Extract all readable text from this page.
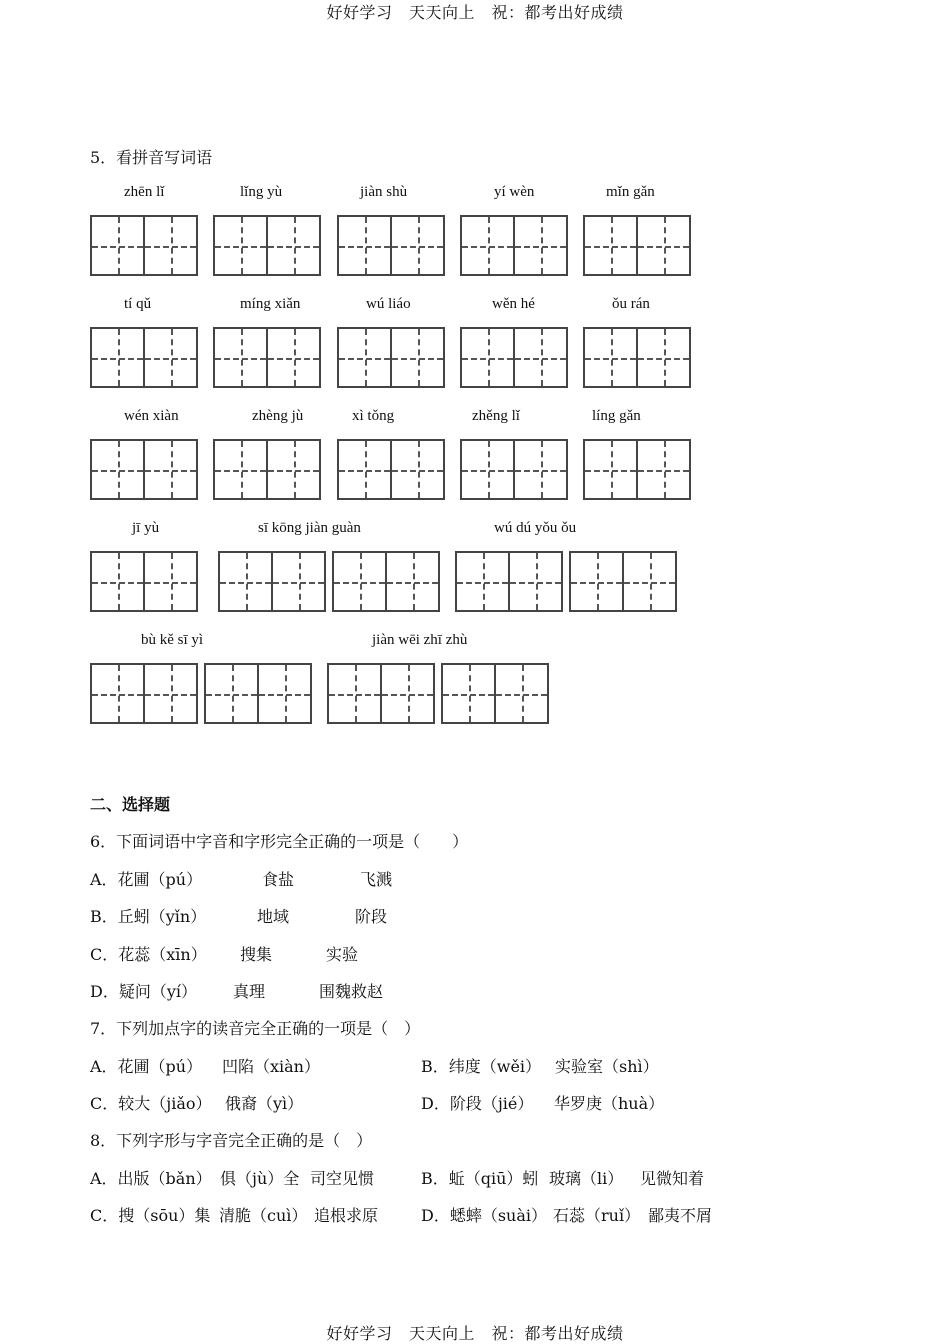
好好学习　天天向上　祝：都考出好成绩
5．看拼音写词语
zhēn lǐ	lǐng yù	jiàn shù	yí wèn	mǐn gǎn
tí qǔ	míng xiǎn	wú liáo	wěn hé	ǒu rán
wén xiàn	zhèng jù	xì tǒng	zhěng lǐ	líng gǎn
jī yù	sī kōng jiàn guàn	wú dú yǒu ǒu
bù kě sī yì	jiàn wēi zhī zhù
二、选择题
6．下面词语中字音和字形完全正确的一项是（　　）
A．花圃（pú）	食盐	飞溅
B．丘蚓（yǐn）	地域	阶段
C．花蕊（xīn） 搜集	实验
D．疑问（yí） 真理	围魏救赵
7．下列加点字的读音完全正确的一项是（　）
A．花圃（pú） 凹陷（xiàn）	B．纬度（wěi） 实验室（shì）
C．较大（jiǎo） 俄裔（yì）	D．阶段（jié） 华罗庚（huà）
8．下列字形与字音完全正确的是（　）
A．出版（bǎn） 俱（jù）全 司空见惯	B．蚯（qiū）蚓 玻璃（li） 见微知着
C．搜（sōu）集 清脆（cuì） 追根求原	D．蟋蟀（suài） 石蕊（ruǐ） 鄙夷不屑
好好学习　天天向上　祝：都考出好成绩
